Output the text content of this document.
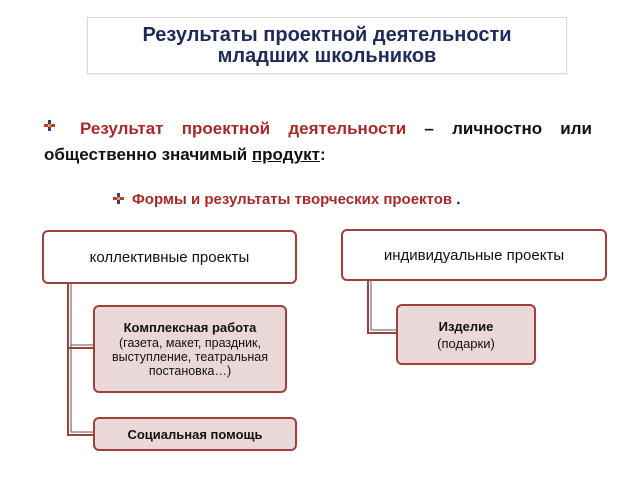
Результаты проектной деятельности
младших школьников
Результат проектной деятельности – личностно или общественно значимый продукт:
Формы и результаты творческих проектов .
коллективные проекты	индивидуальные проекты
Комплексная работа
(газета, макет, праздник, выступление, театральная постановка…)
Изделие
(подарки)
Социальная помощь
